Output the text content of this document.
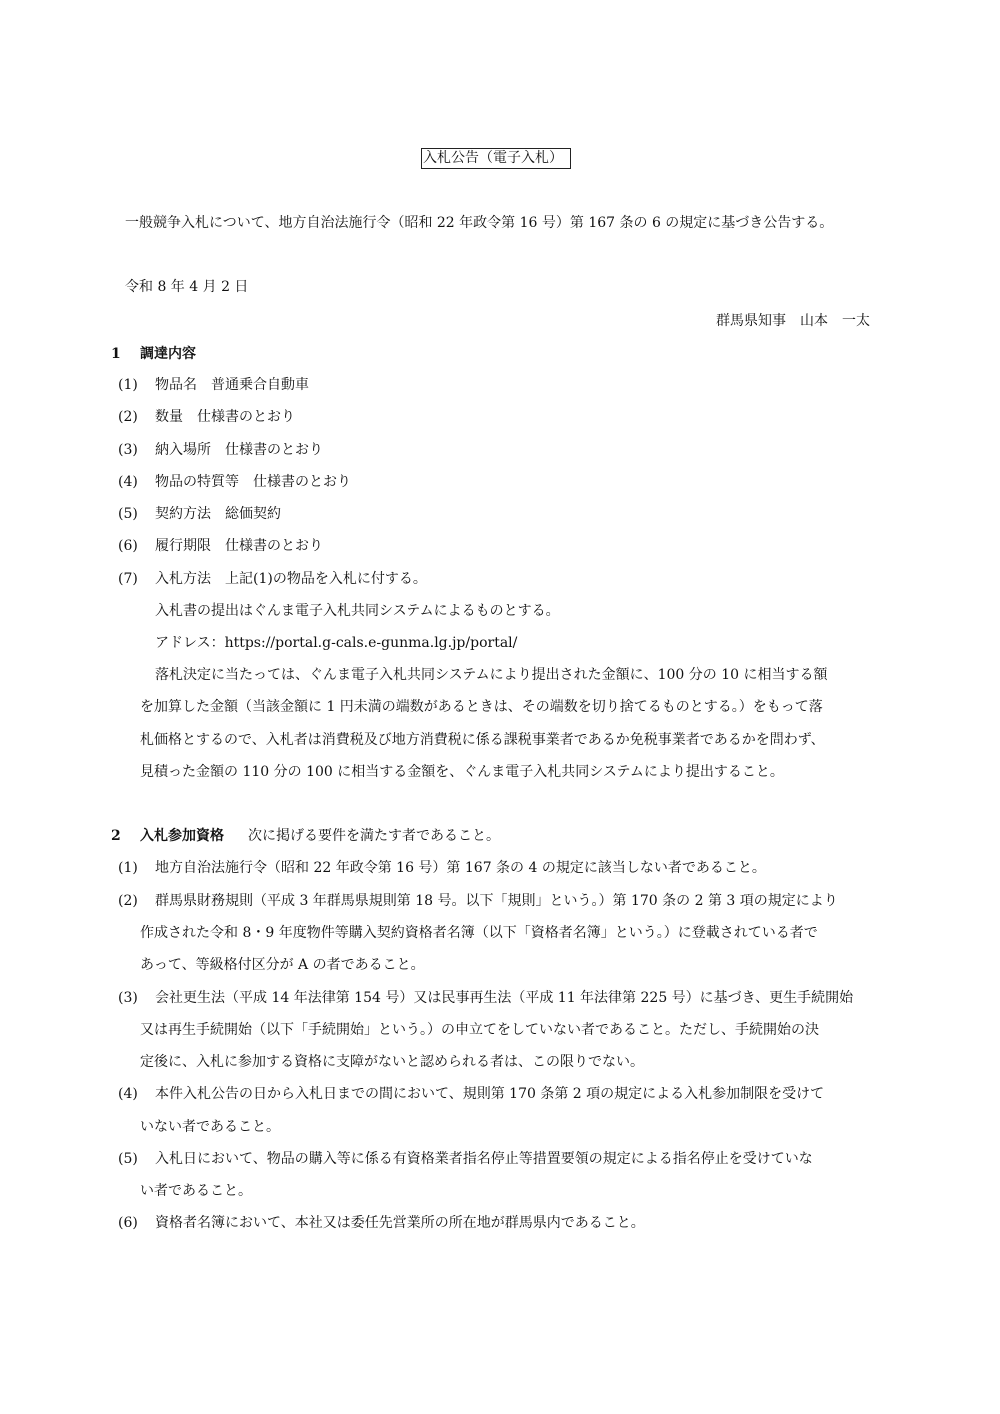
入札公告（電子入札）
一般競争入札について、地方自治法施行令（昭和 22 年政令第 16 号）第 167 条の 6 の規定に基づき公告する。
令和 8 年 4 月 2 日
群馬県知事　山本　一太
1 調達内容
(1) 物品名　普通乗合自動車
(2) 数量　仕様書のとおり
(3) 納入場所　仕様書のとおり
(4) 物品の特質等　仕様書のとおり
(5) 契約方法　総価契約
(6) 履行期限　仕様書のとおり
(7) 入札方法　上記(1)の物品を入札に付する。
入札書の提出はぐんま電子入札共同システムによるものとする。
アドレス：https://portal.g-cals.e-gunma.lg.jp/portal/
落札決定に当たっては、ぐんま電子入札共同システムにより提出された金額に、100 分の 10 に相当する額
を加算した金額（当該金額に 1 円未満の端数があるときは、その端数を切り捨てるものとする。）をもって落
札価格とするので、入札者は消費税及び地方消費税に係る課税事業者であるか免税事業者であるかを問わず、
見積った金額の 110 分の 100 に相当する金額を、ぐんま電子入札共同システムにより提出すること。
2 入札参加資格 次に掲げる要件を満たす者であること。
(1) 地方自治法施行令（昭和 22 年政令第 16 号）第 167 条の 4 の規定に該当しない者であること。
(2) 群馬県財務規則（平成 3 年群馬県規則第 18 号。以下「規則」という。）第 170 条の 2 第 3 項の規定により
作成された令和 8・9 年度物件等購入契約資格者名簿（以下「資格者名簿」という。）に登載されている者で
あって、等級格付区分が A の者であること。
(3) 会社更生法（平成 14 年法律第 154 号）又は民事再生法（平成 11 年法律第 225 号）に基づき、更生手続開始
又は再生手続開始（以下「手続開始」という。）の申立てをしていない者であること。ただし、手続開始の決
定後に、入札に参加する資格に支障がないと認められる者は、この限りでない。
(4) 本件入札公告の日から入札日までの間において、規則第 170 条第 2 項の規定による入札参加制限を受けて
いない者であること。
(5) 入札日において、物品の購入等に係る有資格業者指名停止等措置要領の規定による指名停止を受けていな
い者であること。
(6) 資格者名簿において、本社又は委任先営業所の所在地が群馬県内であること。
